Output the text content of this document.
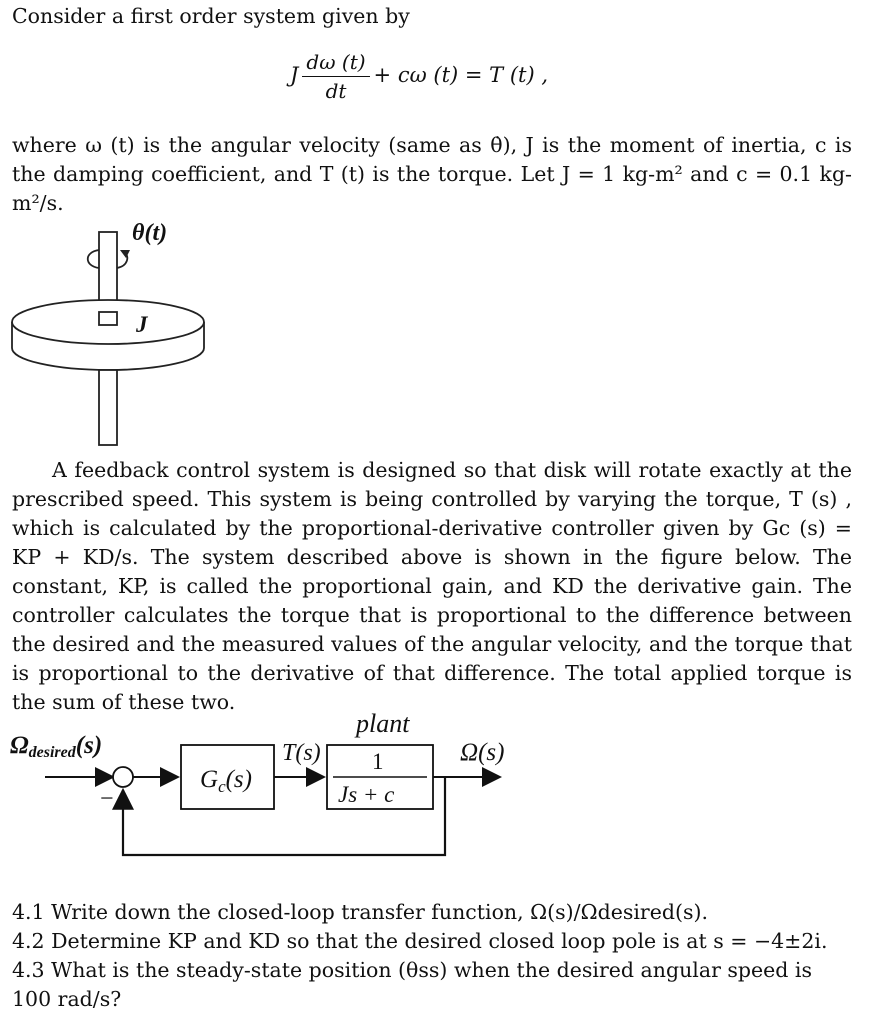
Consider a first order system given by
J $\frac{d\omega (t)}{dt} + c\omega$ (t) = T (t) ,
where ω (t) is the angular velocity (same as θ̇), J is the moment of inertia, c is the damping coefficient, and T (t) is the torque. Let J = 1 kg-m² and c = 0.1 kg-m²/s.
θ(t)
J
A feedback control system is designed so that disk will rotate exactly at the prescribed speed. This system is being controlled by varying the torque, T (s) , which is calculated by the proportional-derivative controller given by Gc (s) = KP + KD/s. The system described above is shown in the figure below. The constant, KP, is called the proportional gain, and KD the derivative gain. The controller calculates the torque that is proportional to the difference between the desired and the measured values of the angular velocity, and the torque that is proportional to the derivative of that difference. The total applied torque is the sum of these two.
Ωdesired(s)
−
$G_c(s)$
T(s)
plant
1
Js + c
Ω(s)
4.1 Write down the closed-loop transfer function, Ω(s)/Ωdesired(s).
4.2 Determine KP and KD so that the desired closed loop pole is at s = −4±2i.
4.3 What is the steady-state position (θss) when the desired angular speed is 100 rad/s?
